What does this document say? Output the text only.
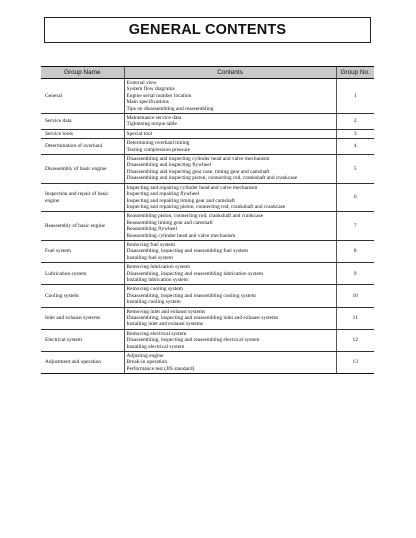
GENERAL CONTENTS
Group Name	Contents	Group No.
General	External view
System flow diagrams
Engine serial number location
Main specifications
Tips on disassembling and reassembling	1
Service data	Maintenance service data
Tightening torque table	2
Service tools	Special tool	3
Determination of overhaul	Determining overhaul timing
Testing compression pressure	4
Disassembly of basic engine	Disassembling and inspecting cylinder head and valve mechanism
Disassembling and inspecting flywheel
Disassembling and inspecting gear case, timing gear and camshaft
Disassembling and inspecting piston, connecting rod, crankshaft and crankcase	5
Inspection and repair of basic engine	Inspecting and repairing cylinder head and valve mechanism
Inspecting and repairing flywheel
Inspecting and repairing timing gear and camshaft
Inspecting and repairing piston, connecting rod, crankshaft and crankcase	6
Reassembly of basic engine	Reassembling piston, connecting rod, crankshaft and crankcase
Reassembling timing gear and camshaft
Reassembling flywheel
Reassembling cylinder head and valve mechanism	7
Fuel system	Removing fuel system
Disassembling, inspecting and reassembling fuel system
Installing fuel system	8
Lubrication system	Removing lubrication system
Disassembling, inspecting and reassembling lubrication system
Installing lubrication system	9
Cooling system	Removing cooling system
Disassembling, inspecting and reassembling cooling system
Installing cooling system	10
Inlet and exhaust systems	Removing inlet and exhaust systems
Disassembling, inspecting and reassembling inlet and exhaust systems
Installing inlet and exhaust systems	11
Electrical system	Removing electrical system
Disassembling, inspecting and reassembling electrical system
Installing electrical system	12
Adjustment and operation	Adjusting engine
Break-in operation
Performance test (JIS standard)	13
